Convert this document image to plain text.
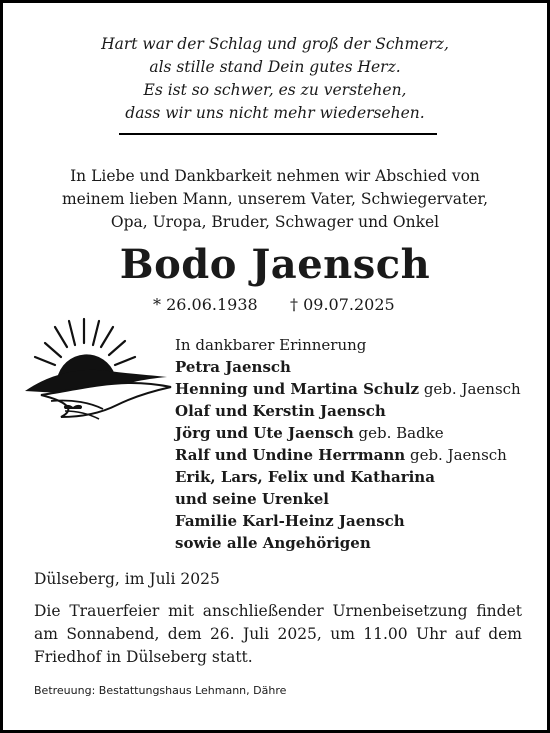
Hart war der Schlag und groß der Schmerz,
als stille stand Dein gutes Herz.
Es ist so schwer, es zu verstehen,
dass wir uns nicht mehr wiedersehen.
In Liebe und Dankbarkeit nehmen wir Abschied von
meinem lieben Mann, unserem Vater, Schwiegervater,
Opa, Uropa, Bruder, Schwager und Onkel
Bodo Jaensch
* 26.06.1938 † 09.07.2025
In dankbarer Erinnerung
Petra Jaensch
Henning und Martina Schulz geb. Jaensch
Olaf und Kerstin Jaensch
Jörg und Ute Jaensch geb. Badke
Ralf und Undine Herrmann geb. Jaensch
Erik, Lars, Felix und Katharina
und seine Urenkel
Familie Karl-Heinz Jaensch
sowie alle Angehörigen
Dülseberg, im Juli 2025
Die Trauerfeier mit anschließender Urnenbeisetzung findet am Sonnabend, dem 26. Juli 2025, um 11.00 Uhr auf dem Friedhof in Dülseberg statt.
Betreuung: Bestattungshaus Lehmann, Dähre
